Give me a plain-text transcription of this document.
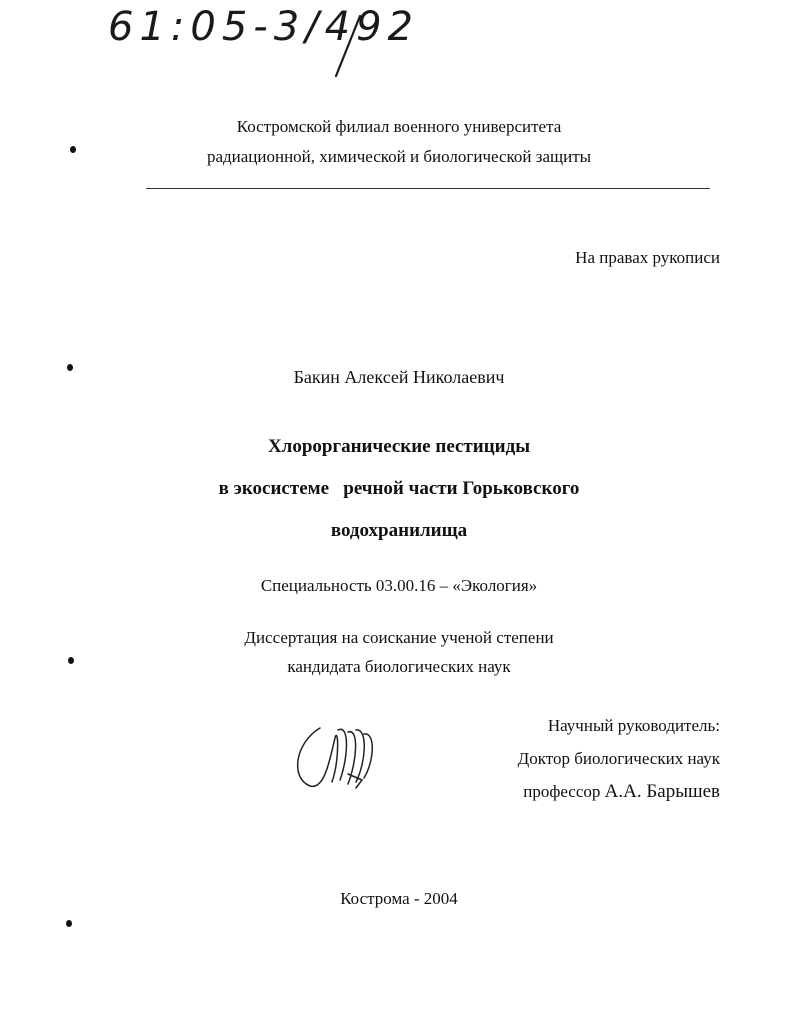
61:05-3/492
Костромской филиал военного университета
радиационной, химической и биологической защиты
На правах рукописи
Бакин Алексей Николаевич
Хлорорганические пестициды
в экосистеме   речной части Горьковского
водохранилища
Специальность 03.00.16 – «Экология»
Диссертация на соискание ученой степени
кандидата биологических наук
Научный руководитель:
Доктор биологических наук
профессор А.А. Барышев
Кострома - 2004
